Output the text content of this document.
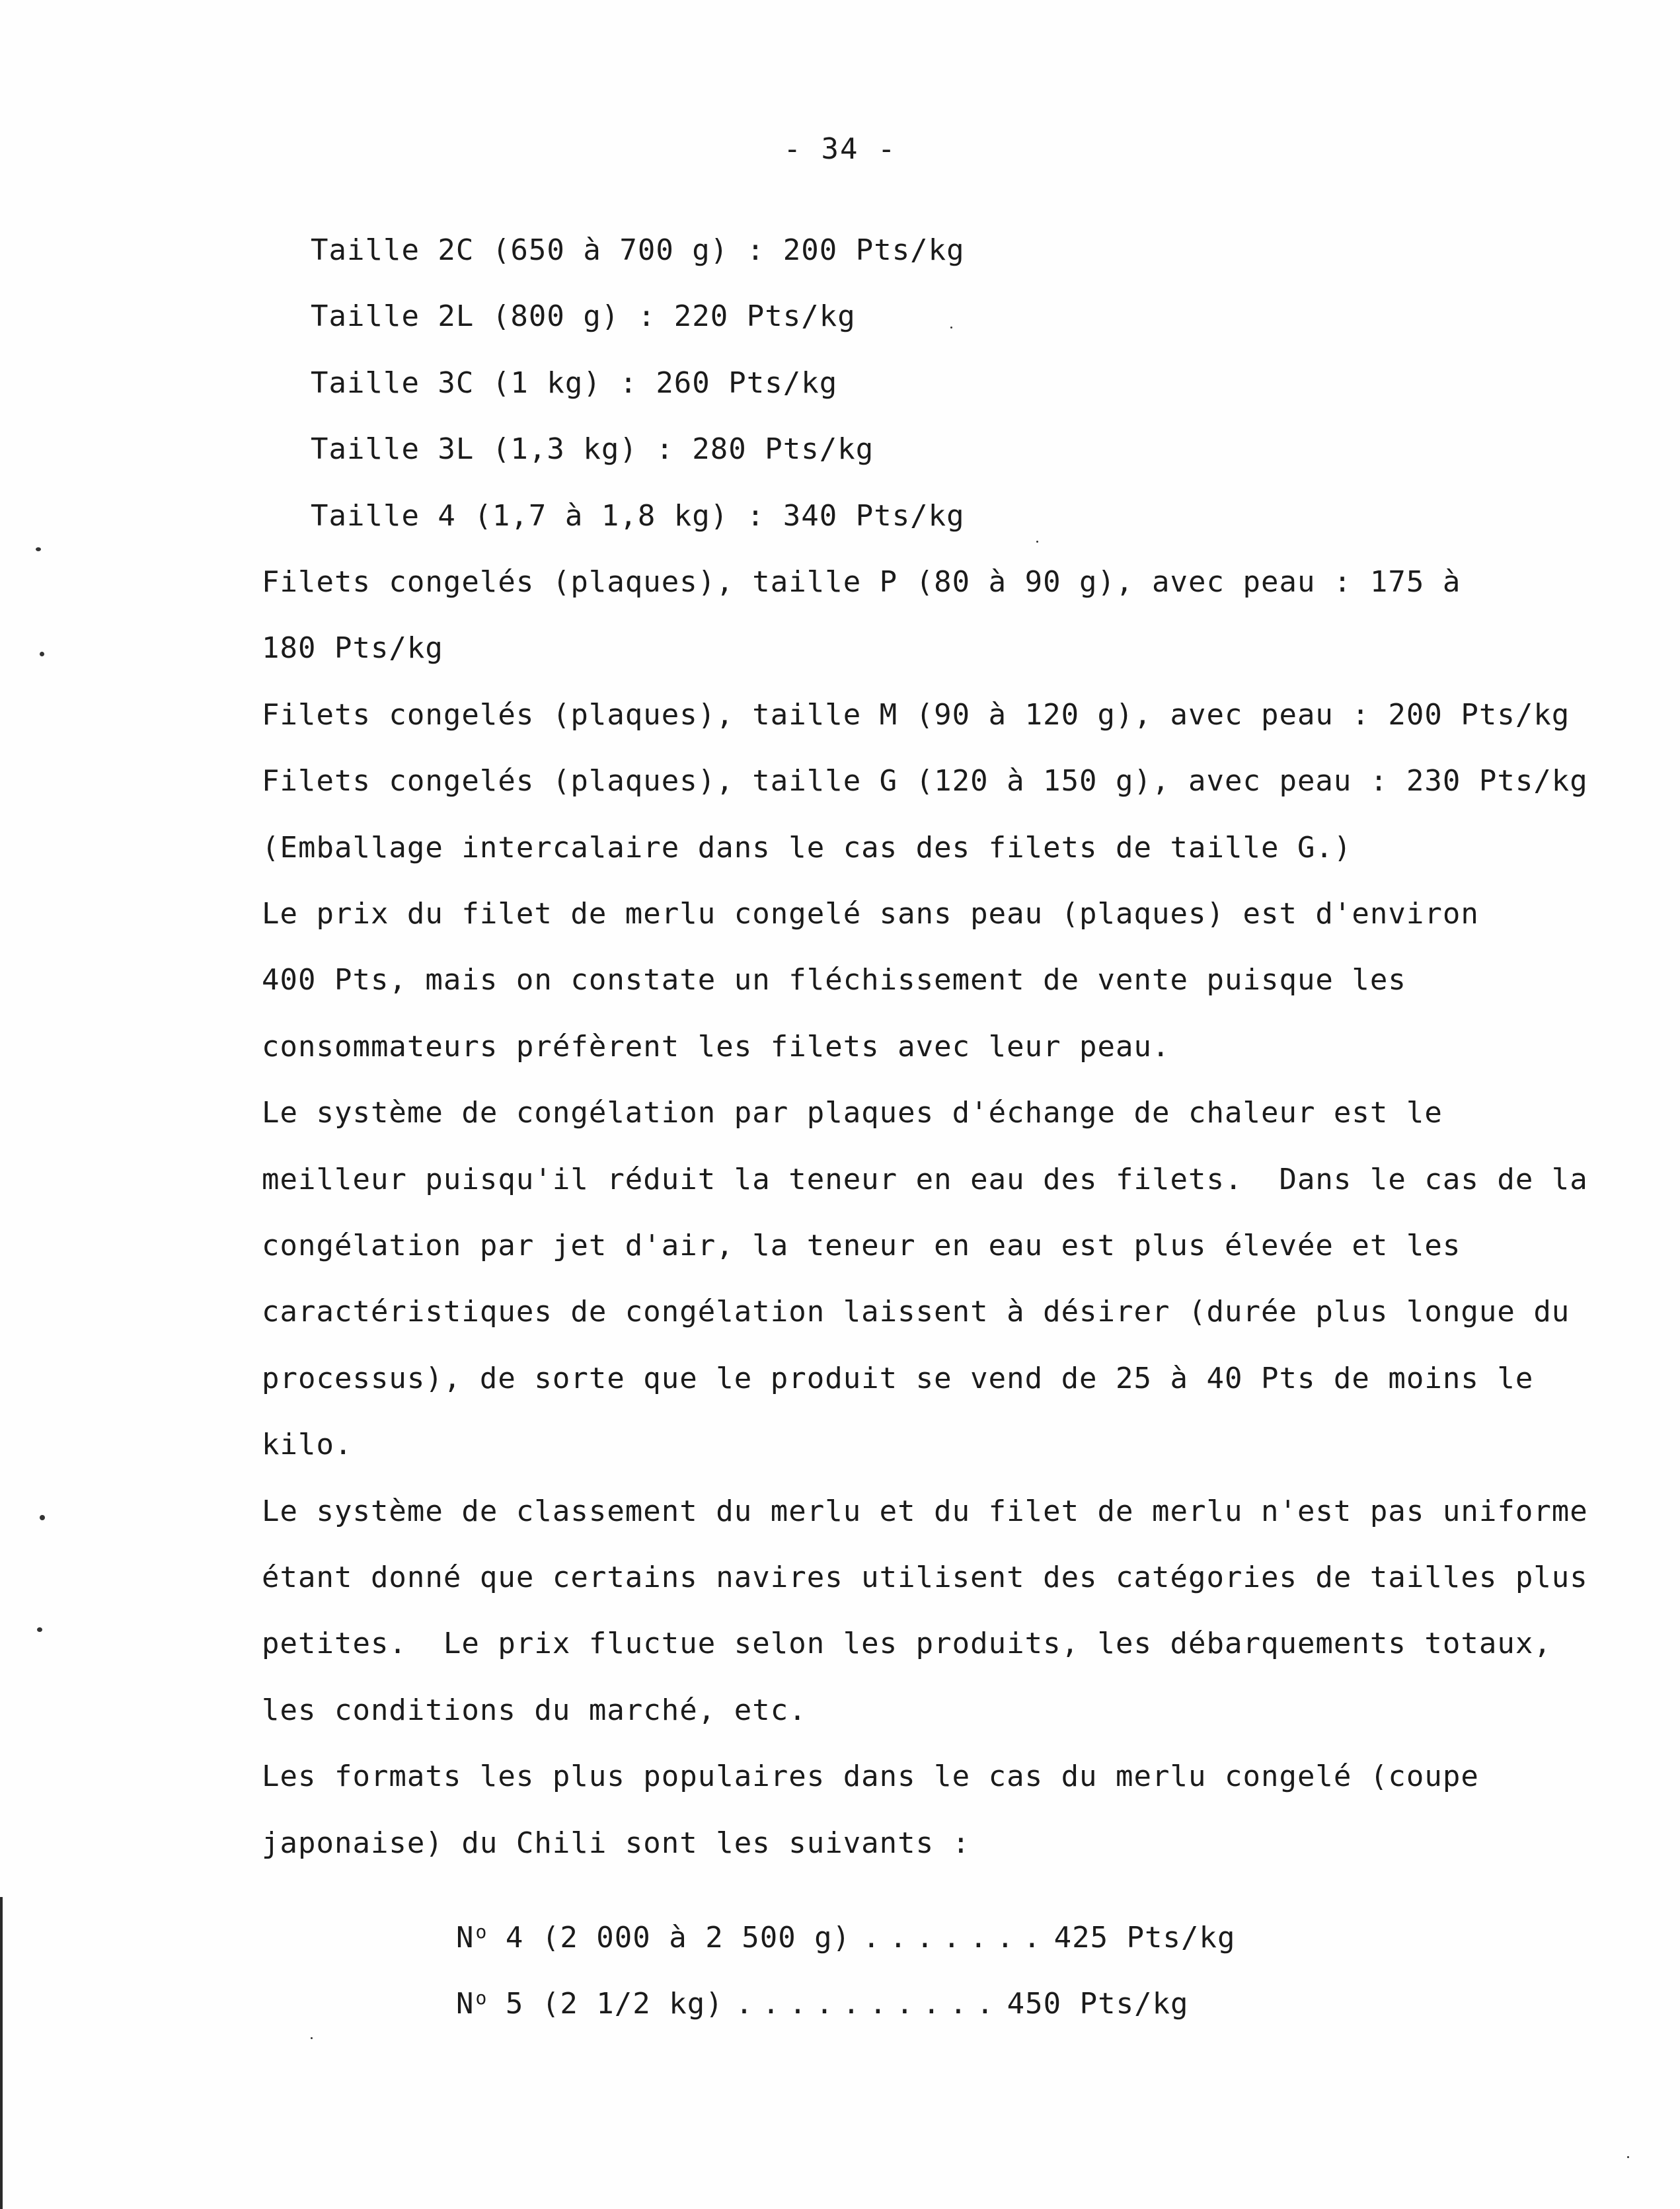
- 34 -
Taille 2C (650 à 700 g) : 200 Pts/kg
Taille 2L (800 g) : 220 Pts/kg
Taille 3C (1 kg) : 260 Pts/kg
Taille 3L (1,3 kg) : 280 Pts/kg
Taille 4 (1,7 à 1,8 kg) : 340 Pts/kg
Filets congelés (plaques), taille P (80 à 90 g), avec peau : 175 à
180 Pts/kg
Filets congelés (plaques), taille M (90 à 120 g), avec peau : 200 Pts/kg
Filets congelés (plaques), taille G (120 à 150 g), avec peau : 230 Pts/kg
(Emballage intercalaire dans le cas des filets de taille G.)
Le prix du filet de merlu congelé sans peau (plaques) est d'environ
400 Pts, mais on constate un fléchissement de vente puisque les
consommateurs préfèrent les filets avec leur peau.
Le système de congélation par plaques d'échange de chaleur est le
meilleur puisqu'il réduit la teneur en eau des filets.  Dans le cas de la
congélation par jet d'air, la teneur en eau est plus élevée et les
caractéristiques de congélation laissent à désirer (durée plus longue du
processus), de sorte que le produit se vend de 25 à 40 Pts de moins le
kilo.
Le système de classement du merlu et du filet de merlu n'est pas uniforme
étant donné que certains navires utilisent des catégories de tailles plus
petites.  Le prix fluctue selon les produits, les débarquements totaux,
les conditions du marché, etc.
Les formats les plus populaires dans le cas du merlu congelé (coupe
japonaise) du Chili sont les suivants :
$N^o$ 4 (2 000 à 2 500 g) ....... 425 Pts/kg
$N^o$ 5 (2 1/2 kg) .......... 450 Pts/kg
